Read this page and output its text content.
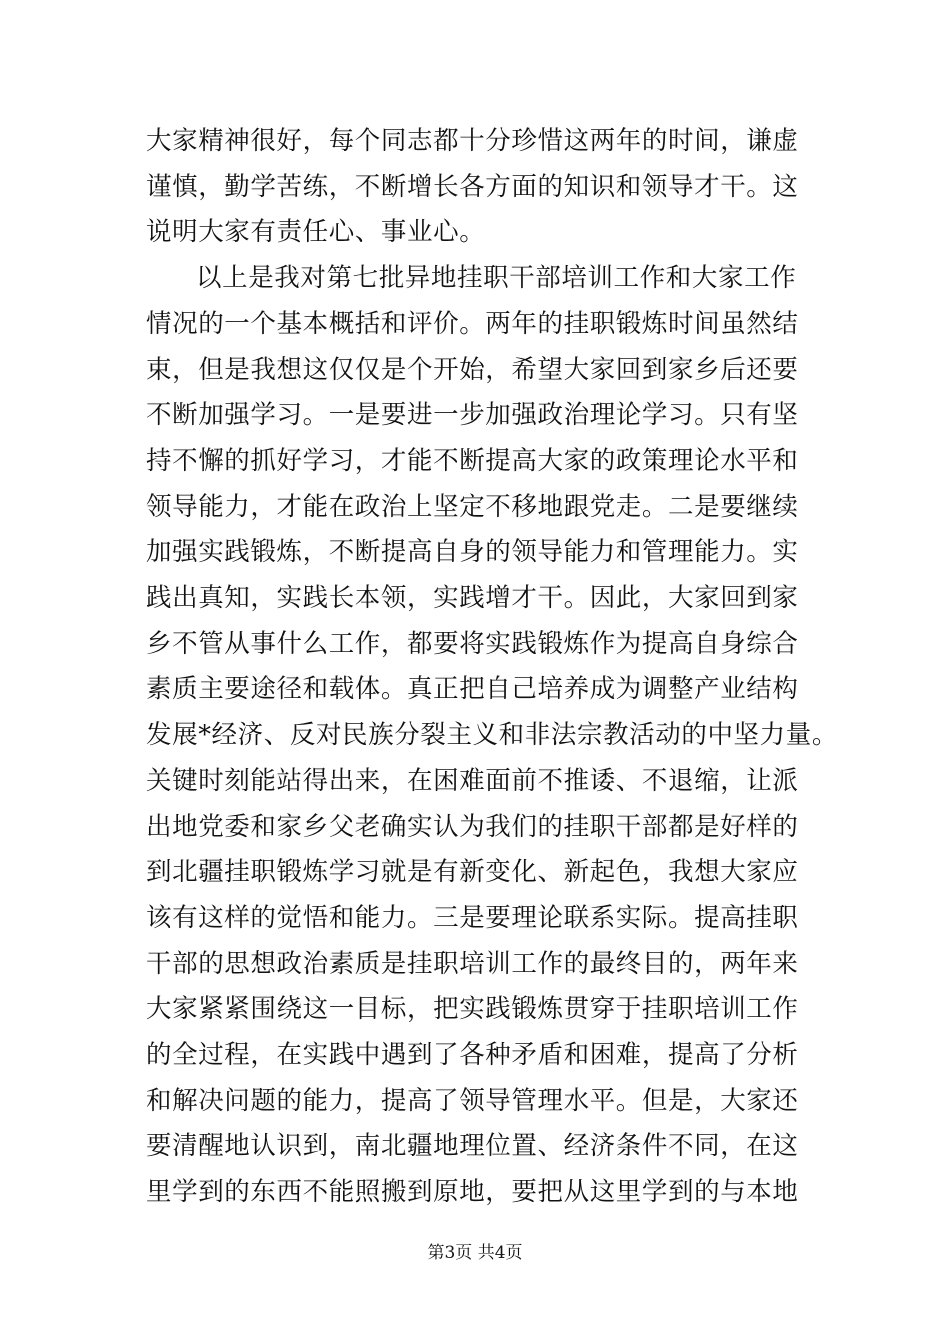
大家精神很好，每个同志都十分珍惜这两年的时间，谦虚
谨慎，勤学苦练，不断增长各方面的知识和领导才干。这
说明大家有责任心、事业心。
以上是我对第七批异地挂职干部培训工作和大家工作
情况的一个基本概括和评价。两年的挂职锻炼时间虽然结
束，但是我想这仅仅是个开始，希望大家回到家乡后还要
不断加强学习。一是要进一步加强政治理论学习。只有坚
持不懈的抓好学习，才能不断提高大家的政策理论水平和
领导能力，才能在政治上坚定不移地跟党走。二是要继续
加强实践锻炼，不断提高自身的领导能力和管理能力。实
践出真知，实践长本领，实践增才干。因此，大家回到家
乡不管从事什么工作，都要将实践锻炼作为提高自身综合
素质主要途径和载体。真正把自己培养成为调整产业结构
发展*经济、反对民族分裂主义和非法宗教活动的中坚力量。
关键时刻能站得出来，在困难面前不推诿、不退缩，让派
出地党委和家乡父老确实认为我们的挂职干部都是好样的
到北疆挂职锻炼学习就是有新变化、新起色，我想大家应
该有这样的觉悟和能力。三是要理论联系实际。提高挂职
干部的思想政治素质是挂职培训工作的最终目的，两年来
大家紧紧围绕这一目标，把实践锻炼贯穿于挂职培训工作
的全过程，在实践中遇到了各种矛盾和困难，提高了分析
和解决问题的能力，提高了领导管理水平。但是，大家还
要清醒地认识到，南北疆地理位置、经济条件不同，在这
里学到的东西不能照搬到原地，要把从这里学到的与本地
第3页 共4页
